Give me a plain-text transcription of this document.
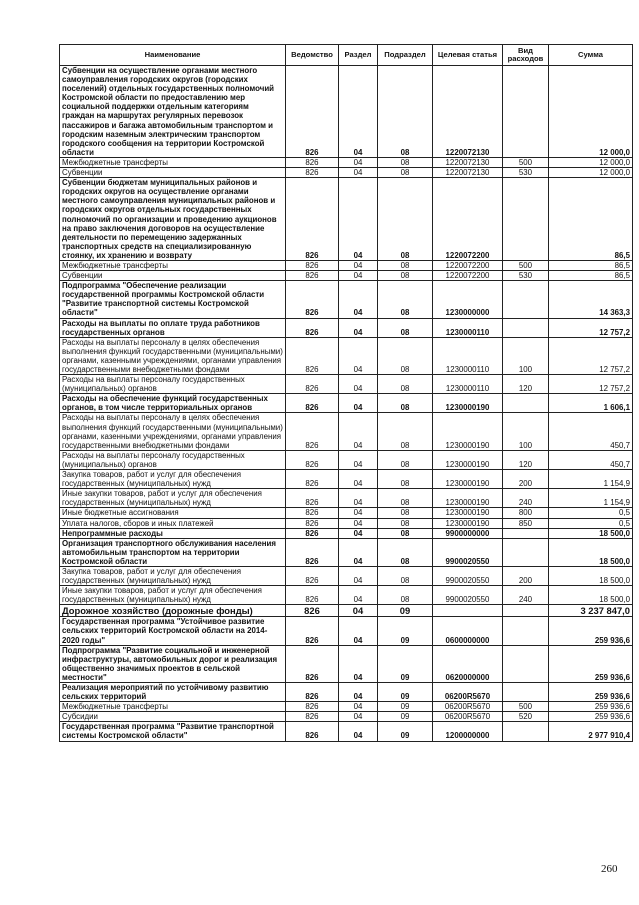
Наименование	Ведомство	Раздел	Подраздел	Целевая статья	Вид расходов	Сумма
Субвенции на осуществление органами местного самоуправления городских округов (городских поселений) отдельных государственных полномочий Костромской области по предоставлению мер социальной поддержки отдельным категориям граждан на маршрутах регулярных перевозок пассажиров и багажа автомобильным транспортом и городским наземным электрическим транспортом городского сообщения на территории Костромской области	826	04	08	1220072130		12 000,0
Межбюджетные трансферты	826	04	08	1220072130	500	12 000,0
Субвенции	826	04	08	1220072130	530	12 000,0
Субвенции бюджетам муниципальных районов и городских округов на осуществление органами местного самоуправления муниципальных районов и городских округов отдельных государственных полномочий по организации и проведению аукционов на право заключения договоров на осуществление деятельности по перемещению задержанных транспортных средств на специализированную стоянку, их хранению и возврату	826	04	08	1220072200		86,5
Межбюджетные трансферты	826	04	08	1220072200	500	86,5
Субвенции	826	04	08	1220072200	530	86,5
Подпрограмма "Обеспечение реализации государственной программы Костромской области "Развитие транспортной системы Костромской области"	826	04	08	1230000000		14 363,3
Расходы на выплаты по оплате труда работников государственных органов	826	04	08	1230000110		12 757,2
Расходы на выплаты персоналу в целях обеспечения выполнения функций государственными (муниципальными) органами, казенными учреждениями, органами управления государственными внебюджетными фондами	826	04	08	1230000110	100	12 757,2
Расходы на выплаты персоналу государственных (муниципальных) органов	826	04	08	1230000110	120	12 757,2
Расходы на обеспечение функций государственных органов, в том числе территориальных органов	826	04	08	1230000190		1 606,1
Расходы на выплаты персоналу в целях обеспечения выполнения функций государственными (муниципальными) органами, казенными учреждениями, органами управления государственными внебюджетными фондами	826	04	08	1230000190	100	450,7
Расходы на выплаты персоналу государственных (муниципальных) органов	826	04	08	1230000190	120	450,7
Закупка товаров, работ и услуг для обеспечения государственных (муниципальных) нужд	826	04	08	1230000190	200	1 154,9
Иные закупки товаров, работ и услуг для обеспечения государственных (муниципальных) нужд	826	04	08	1230000190	240	1 154,9
Иные бюджетные ассигнования	826	04	08	1230000190	800	0,5
Уплата налогов, сборов и иных платежей	826	04	08	1230000190	850	0,5
Непрограммные расходы	826	04	08	9900000000		18 500,0
Организация транспортного обслуживания населения автомобильным транспортом на территории Костромской области	826	04	08	9900020550		18 500,0
Закупка товаров, работ и услуг для обеспечения государственных (муниципальных) нужд	826	04	08	9900020550	200	18 500,0
Иные закупки товаров, работ и услуг для обеспечения государственных (муниципальных) нужд	826	04	08	9900020550	240	18 500,0
Дорожное хозяйство (дорожные фонды)	826	04	09			3 237 847,0
Государственная программа "Устойчивое развитие сельских территорий Костромской области на 2014-2020 годы"	826	04	09	0600000000		259 936,6
Подпрограмма "Развитие социальной и инженерной инфраструктуры, автомобильных дорог и реализация общественно значимых проектов в сельской местности"	826	04	09	0620000000		259 936,6
Реализация мероприятий по устойчивому развитию сельских территорий	826	04	09	06200R5670		259 936,6
Межбюджетные трансферты	826	04	09	06200R5670	500	259 936,6
Субсидии	826	04	09	06200R5670	520	259 936,6
Государственная программа "Развитие транспортной системы Костромской области"	826	04	09	1200000000		2 977 910,4
260
